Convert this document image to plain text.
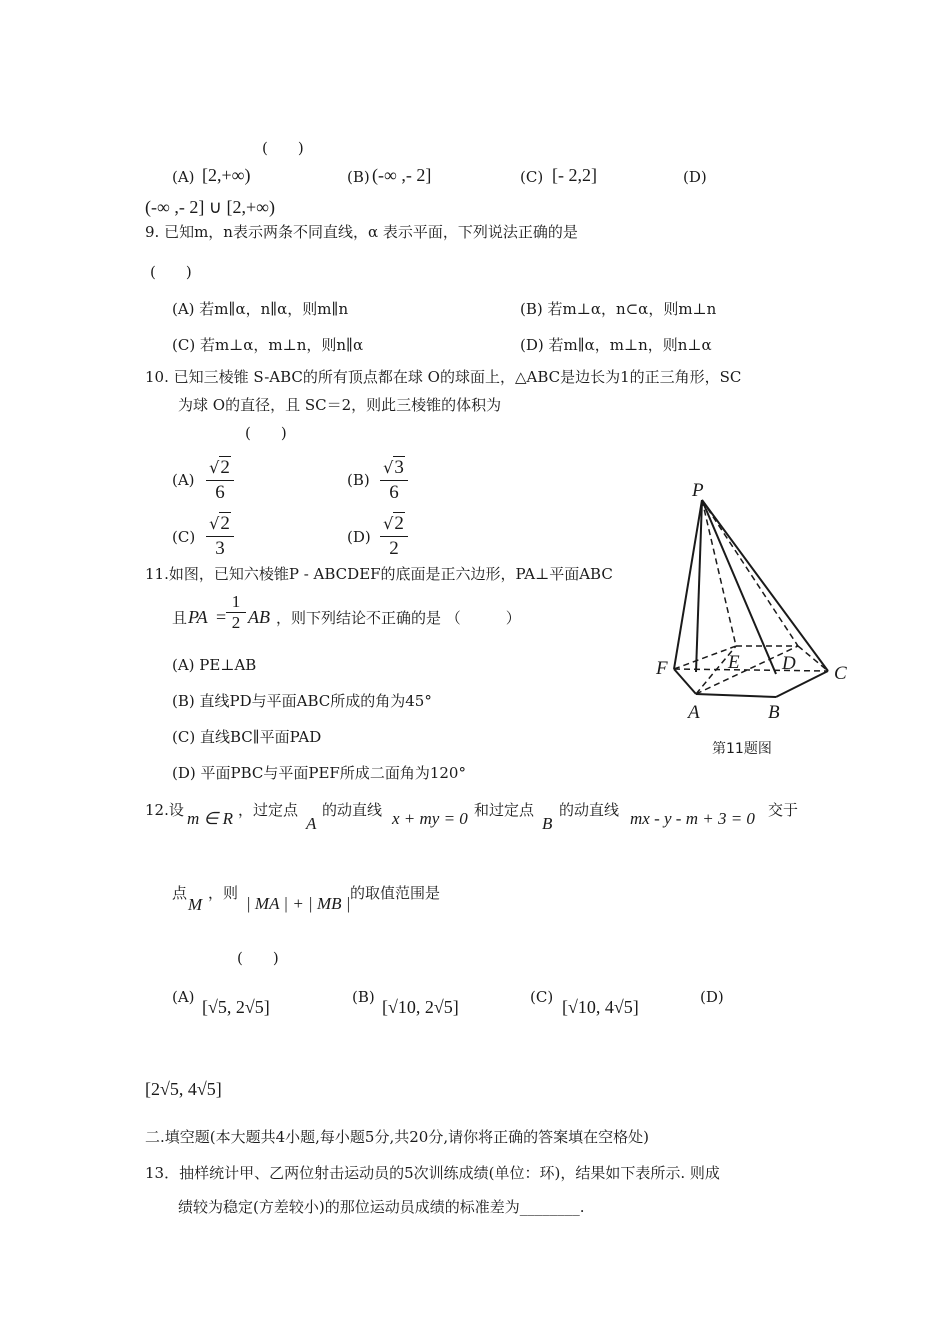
(　　)
(A) [2,+∞)	(B) (-∞ ,- 2]	(C) [- 2,2]	(D)
(-∞ ,- 2] ∪ [2,+∞)
9. 已知m，n表示两条不同直线，α 表示平面，下列说法正确的是
(　　)
(A) 若m∥α，n∥α，则m∥n	(B) 若m⊥α，n⊂α，则m⊥n
(C) 若m⊥α，m⊥n，则n∥α	(D) 若m∥α，m⊥n，则n⊥α
10. 已知三棱锥 S-ABC的所有顶点都在球 O的球面上，△ABC是边长为1的正三角形，SC
为球 O的直径，且 SC＝2，则此三棱锥的体积为
(　　)
(A)
√2
6
(B)
√3
6
(C)
√2
3
(D)
√2
2
11.如图，已知六棱锥P - ABCDEF的底面是正六边形，PA⊥平面ABC
且 PA =
1
2 AB ，则下列结论不正确的是 （　　　）
(A) PE⊥AB
(B) 直线PD与平面ABC所成的角为45°
(C) 直线BC∥平面PAD
(D) 平面PBC与平面PEF所成二面角为120°
P
F	E D C
A	B
第11题图
12.设 m ∈ R ，过定点
A
的动直线 x + my = 0 和过定点
B
的动直线 mx - y - m + 3 = 0 交于
点
M
，则
| MA | + | MB |
的取值范围是
(　　)
(A) [√5, 2√5]	(B) [√10, 2√5]	(C) [√10, 4√5]	(D)
[2√5, 4√5]
二.填空题(本大题共4小题,每小题5分,共20分,请你将正确的答案填在空格处)
13．抽样统计甲、乙两位射击运动员的5次训练成绩(单位：环)，结果如下表所示. 则成
绩较为稳定(方差较小)的那位运动员成绩的标准差为________.
